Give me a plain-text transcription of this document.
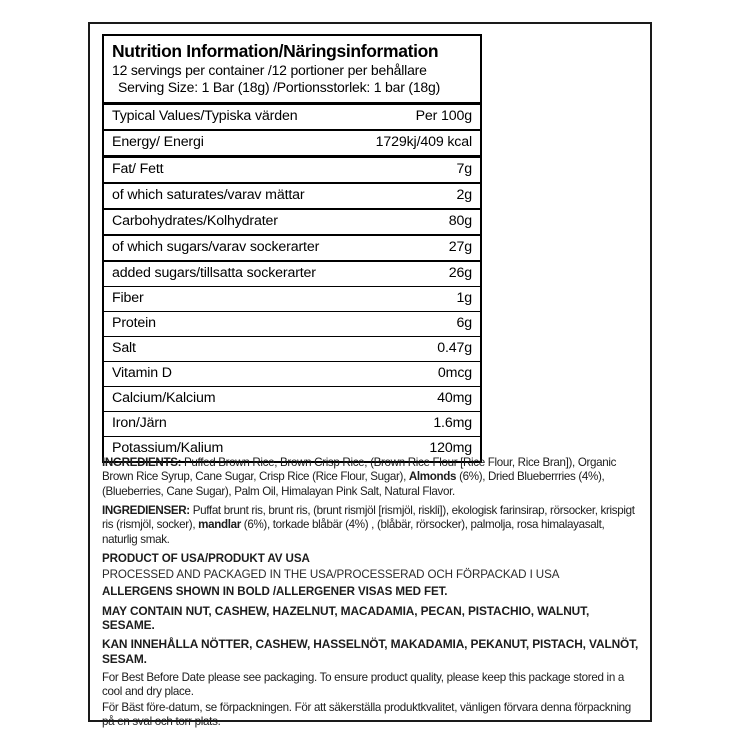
Nutrition Information/Näringsinformation
12 servings per container /12 portioner per behållare
Serving Size: 1 Bar (18g) /Portionsstorlek: 1 bar (18g)
Typical Values/Typiska värden	Per 100g
Energy/ Energi	1729kj/409 kcal
Fat/ Fett	7g
of which saturates/varav mättar	2g
Carbohydrates/Kolhydrater	80g
of which sugars/varav sockerarter	27g
added sugars/tillsatta sockerarter	26g
Fiber	1g
Protein	6g
Salt	0.47g
Vitamin D	0mcg
Calcium/Kalcium	40mg
Iron/Järn	1.6mg
Potassium/Kalium	120mg
INGREDIENTS: Puffed Brown Rice, Brown Crisp Rice, (Brown Rice Flour [Rice Flour, Rice Bran]), Organic Brown Rice Syrup, Cane Sugar, Crisp Rice (Rice Flour, Sugar), Almonds (6%), Dried Blueberrries (4%), (Blueberries, Cane Sugar), Palm Oil, Himalayan Pink Salt, Natural Flavor.
INGREDIENSER: Puffat brunt ris, brunt ris, (brunt rismjöl [rismjöl, riskli]), ekologisk farinsirap, rörsocker, krispigt ris (rismjöl, socker), mandlar (6%), torkade blåbär (4%) , (blåbär, rörsocker), palmolja, rosa himalayasalt, naturlig smak.
PRODUCT OF USA/PRODUKT AV USA
PROCESSED AND PACKAGED IN THE USA/PROCESSERAD OCH FÖRPACKAD I USA
ALLERGENS SHOWN IN BOLD /ALLERGENER VISAS MED FET.
MAY CONTAIN NUT, CASHEW, HAZELNUT, MACADAMIA, PECAN, PISTACHIO, WALNUT, SESAME.
KAN INNEHÅLLA NÖTTER, CASHEW, HASSELNÖT, MAKADAMIA, PEKANUT, PISTACH, VALNÖT, SESAM.
For Best Before Date please see packaging. To ensure product quality, please keep this package stored in a cool and dry place.
För Bäst före-datum, se förpackningen. För att säkerställa produktkvalitet, vänligen förvara denna förpackning på en sval och torr plats.
